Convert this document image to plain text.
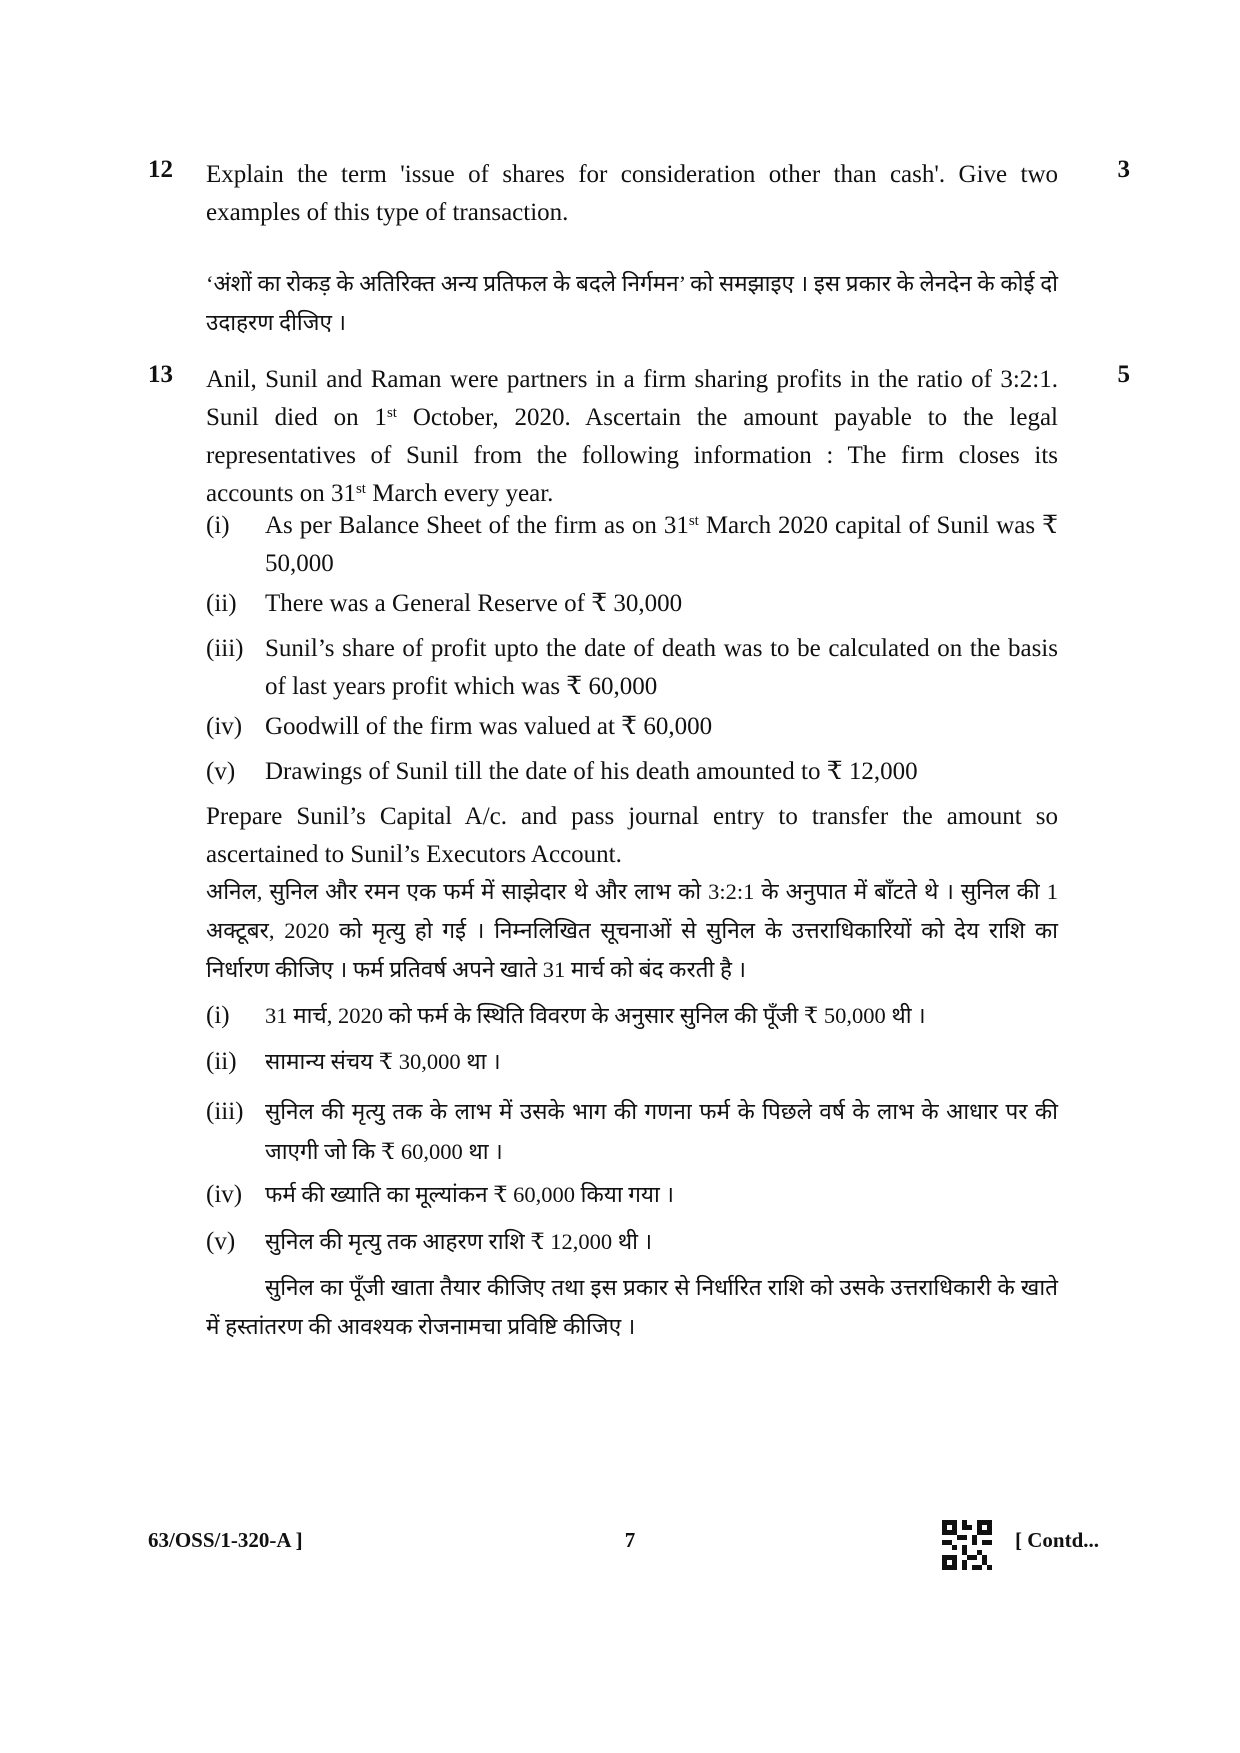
12	3
Explain the term 'issue of shares for consideration other than cash'. Give two examples of this type of transaction.
‘अंशों का रोकड़ के अतिरिक्त अन्य प्रतिफल के बदले निर्गमन’ को समझाइए । इस प्रकार के लेनदेन के कोई दो उदाहरण दीजिए ।
13	5
Anil, Sunil and Raman were partners in a firm sharing profits in the ratio of 3:2:1. Sunil died on 1st October, 2020. Ascertain the amount payable to the legal representatives of Sunil from the following information : The firm closes its accounts on 31st March every year.
(i)	As per Balance Sheet of the firm as on 31st March 2020 capital of Sunil was ₹ 50,000
(ii)	There was a General Reserve of ₹ 30,000
(iii) Sunil’s share of profit upto the date of death was to be calculated on the basis of last years profit which was ₹ 60,000
(iv) Goodwill of the firm was valued at ₹ 60,000
(v)	Drawings of Sunil till the date of his death amounted to ₹ 12,000
Prepare Sunil’s Capital A/c. and pass journal entry to transfer the amount so ascertained to Sunil’s Executors Account.
अनिल, सुनिल और रमन एक फर्म में साझेदार थे और लाभ को 3:2:1 के अनुपात में बाँटते थे । सुनिल की 1 अक्टूबर, 2020 को मृत्यु हो गई । निम्नलिखित सूचनाओं से सुनिल के उत्तराधिकारियों को देय राशि का निर्धारण कीजिए । फर्म प्रतिवर्ष अपने खाते 31 मार्च को बंद करती है ।
(i)	31 मार्च, 2020 को फर्म के स्थिति विवरण के अनुसार सुनिल की पूँजी ₹ 50,000 थी ।
(ii)	सामान्य संचय ₹ 30,000 था ।
(iii) सुनिल की मृत्यु तक के लाभ में उसके भाग की गणना फर्म के पिछले वर्ष के लाभ के आधार पर की जाएगी जो कि ₹ 60,000 था ।
(iv)	फर्म की ख्याति का मूल्यांकन ₹ 60,000 किया गया ।
(v)	सुनिल की मृत्यु तक आहरण राशि ₹ 12,000 थी ।
सुनिल का पूँजी खाता तैयार कीजिए तथा इस प्रकार से निर्धारित राशि को उसके उत्तराधिकारी के खाते में हस्तांतरण की आवश्यक रोजनामचा प्रविष्टि कीजिए ।
63/OSS/1-320-A ]	7	[ Contd...
